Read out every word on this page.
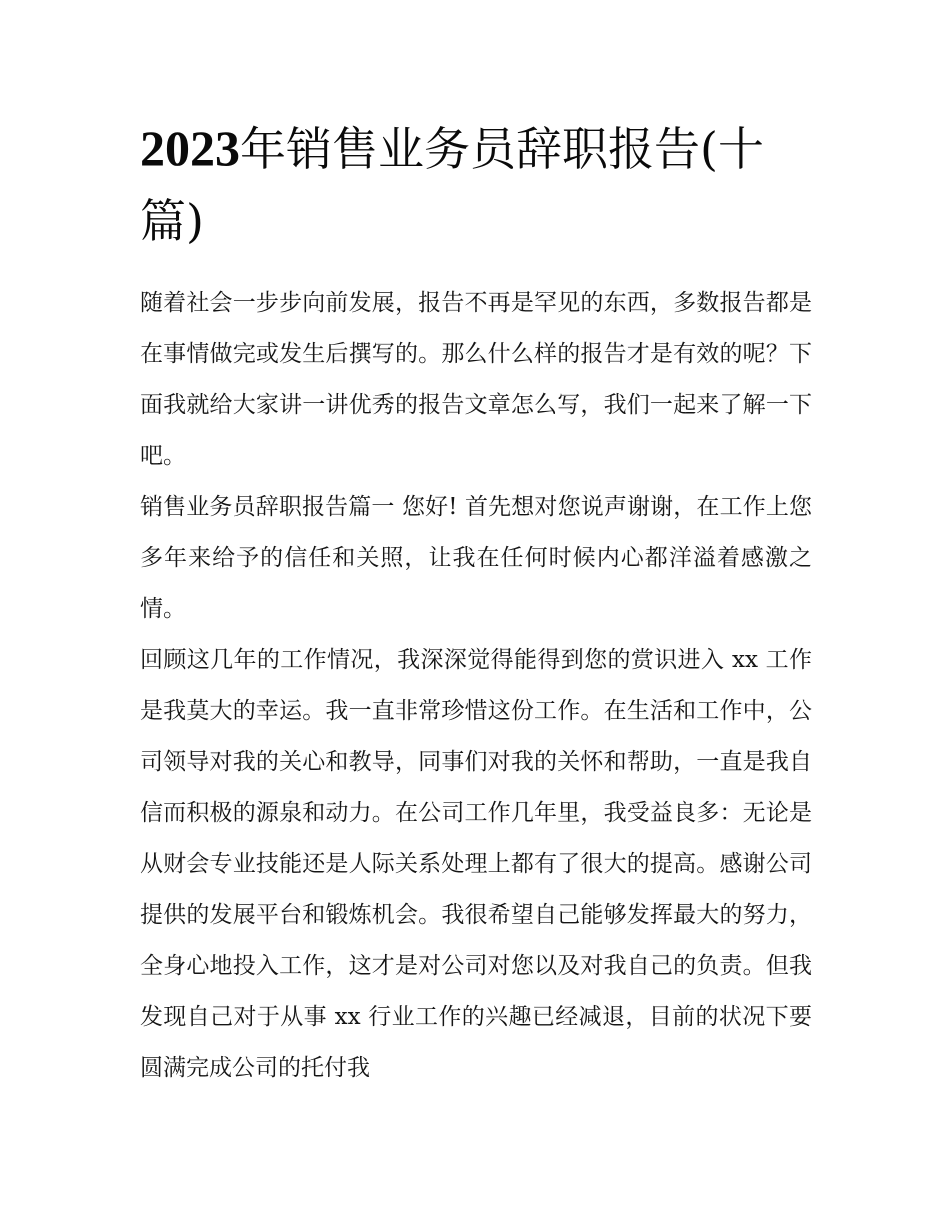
2023年销售业务员辞职报告(十篇)

随着社会一步步向前发展，报告不再是罕见的东西，多数报告都是在事情做完或发生后撰写的。那么什么样的报告才是有效的呢？下面我就给大家讲一讲优秀的报告文章怎么写，我们一起来了解一下吧。

销售业务员辞职报告篇一 您好! 首先想对您说声谢谢，在工作上您多年来给予的信任和关照，让我在任何时候内心都洋溢着感激之情。

回顾这几年的工作情况，我深深觉得能得到您的赏识进入 xx 工作是我莫大的幸运。我一直非常珍惜这份工作。在生活和工作中，公司领导对我的关心和教导，同事们对我的关怀和帮助，一直是我自信而积极的源泉和动力。在公司工作几年里，我受益良多：无论是从财会专业技能还是人际关系处理上都有了很大的提高。感谢公司提供的发展平台和锻炼机会。我很希望自己能够发挥最大的努力，全身心地投入工作，这才是对公司对您以及对我自己的负责。但我发现自己对于从事 xx 行业工作的兴趣已经减退，目前的状况下要圆满完成公司的托付我
